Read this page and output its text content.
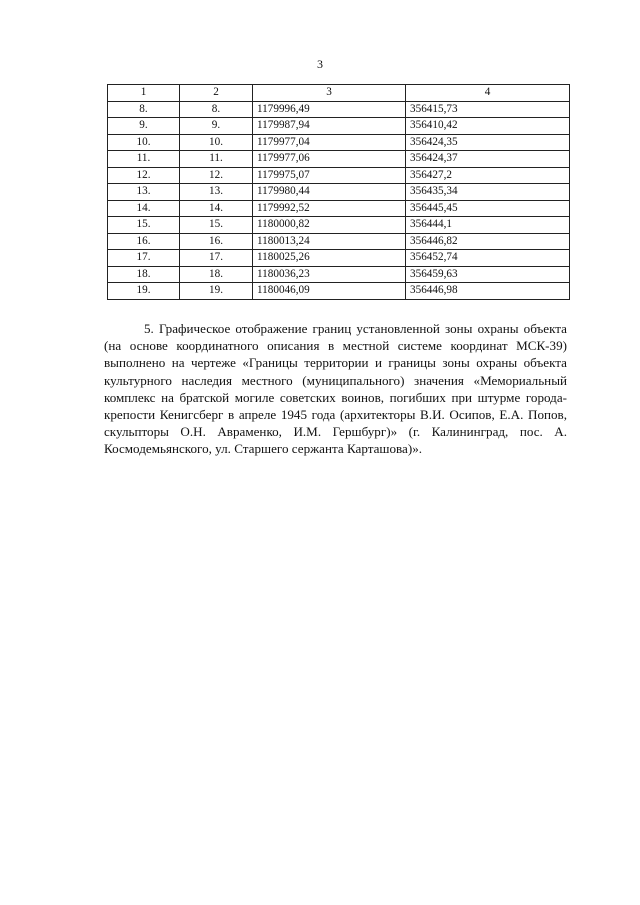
3
1	2	3	4
8.	8.	1179996,49	356415,73
9.	9.	1179987,94	356410,42
10.	10.	1179977,04	356424,35
11.	11.	1179977,06	356424,37
12.	12.	1179975,07	356427,2
13.	13.	1179980,44	356435,34
14.	14.	1179992,52	356445,45
15.	15.	1180000,82	356444,1
16.	16.	1180013,24	356446,82
17.	17.	1180025,26	356452,74
18.	18.	1180036,23	356459,63
19.	19.	1180046,09	356446,98

5. Графическое отображение границ установленной зоны охраны объекта (на основе координатного описания в местной системе координат МСК-39) выполнено на чертеже «Границы территории и границы зоны охраны объекта культурного наследия местного (муниципального) значения «Мемориальный комплекс на братской могиле советских воинов, погибших при штурме города-крепости Кенигсберг в апреле 1945 года (архитекторы В.И. Осипов, Е.А. Попов, скульпторы О.Н. Авраменко, И.М. Гершбург)» (г. Калининград, пос. А. Космодемьянского, ул. Старшего сержанта Карташова)».
